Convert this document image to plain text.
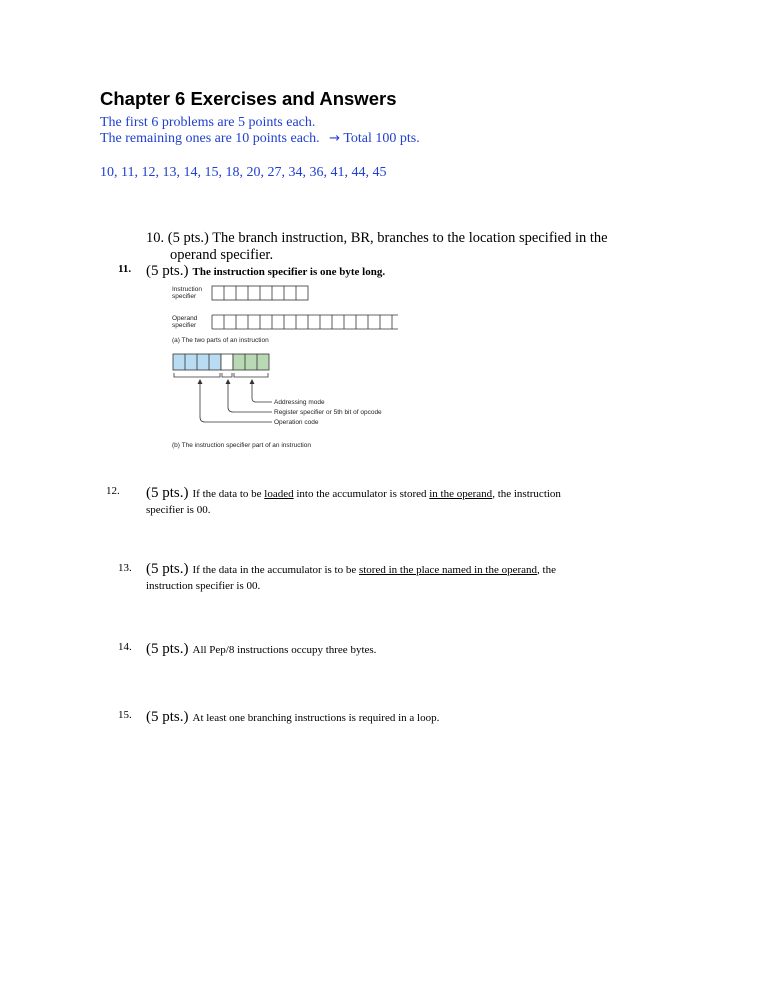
Chapter 6 Exercises and Answers
The first 6 problems are 5 points each.
The remaining ones are 10 points each. → Total 100 pts.
10, 11, 12, 13, 14, 15, 18, 20, 27, 34, 36, 41, 44, 45
10. (5 pts.) The branch instruction, BR, branches to the location specified in the
operand specifier.
11. (5 pts.) The instruction specifier is one byte long.
Instruction
specifier
Operand
specifier
(a) The two parts of an instruction
Addressing mode
Register specifier or 5th bit of opcode
Operation code
(b) The instruction specifier part of an instruction
12. (5 pts.) If the data to be loaded into the accumulator is stored in the operand, the instruction
specifier is 00.
13. (5 pts.) If the data in the accumulator is to be stored in the place named in the operand, the
instruction specifier is 00.
14. (5 pts.) All Pep/8 instructions occupy three bytes.
15. (5 pts.) At least one branching instructions is required in a loop.
